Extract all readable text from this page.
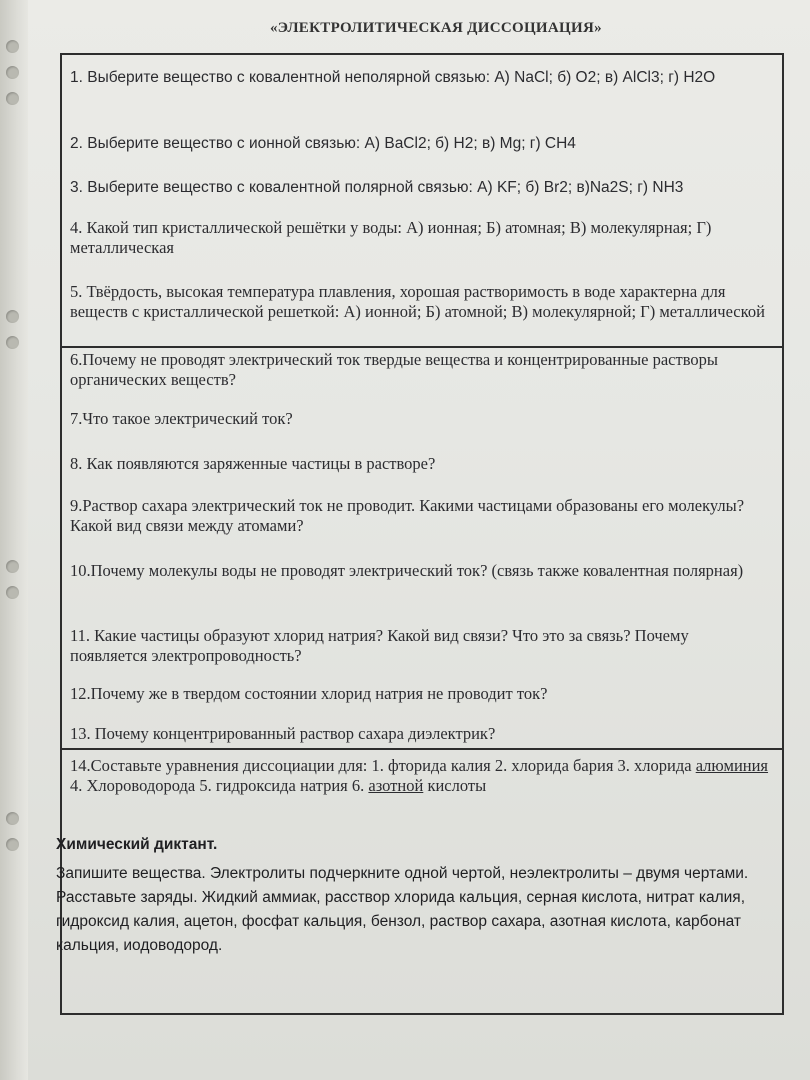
«ЭЛЕКТРОЛИТИЧЕСКАЯ ДИССОЦИАЦИЯ»
1. Выберите вещество с ковалентной неполярной связью: А) NaCl; б) O2; в) AlCl3; г) H2O
2. Выберите вещество с ионной связью: А) BaCl2; б) H2; в) Mg; г) CH4
3. Выберите вещество с ковалентной полярной связью: А) KF; б) Br2; в)Na2S; г) NH3
4. Какой тип кристаллической решётки у воды: А) ионная; Б) атомная; В) молекулярная; Г) металлическая
5. Твёрдость, высокая температура плавления, хорошая растворимость в воде характерна для веществ с кристаллической решеткой: А) ионной; Б) атомной; В) молекулярной; Г) металлической
6.Почему не проводят электрический ток твердые вещества и концентрированные растворы органических веществ?
7.Что такое электрический ток?
8. Как появляются заряженные частицы в растворе?
9.Раствор сахара электрический ток не проводит. Какими частицами образованы его молекулы? Какой вид связи между атомами?
10.Почему молекулы воды не проводят электрический ток? (связь также ковалентная полярная)
11. Какие частицы образуют хлорид натрия? Какой вид связи? Что это за связь? Почему появляется электропроводность?
12.Почему же в твердом состоянии хлорид натрия не проводит ток?
13. Почему концентрированный раствор сахара диэлектрик?
14.Составьте уравнения диссоциации для: 1. фторида калия 2. хлорида бария 3. хлорида алюминия 4. Хлороводорода 5. гидроксида натрия 6. азотной кислоты
Химический диктант.
Запишите вещества. Электролиты подчеркните одной чертой, неэлектролиты – двумя чертами. Расставьте заряды. Жидкий аммиак, расствор хлорида кальция, серная кислота, нитрат калия, гидроксид калия, ацетон, фосфат кальция, бензол, раствор сахара, азотная кислота, карбонат кальция, иодоводород.
